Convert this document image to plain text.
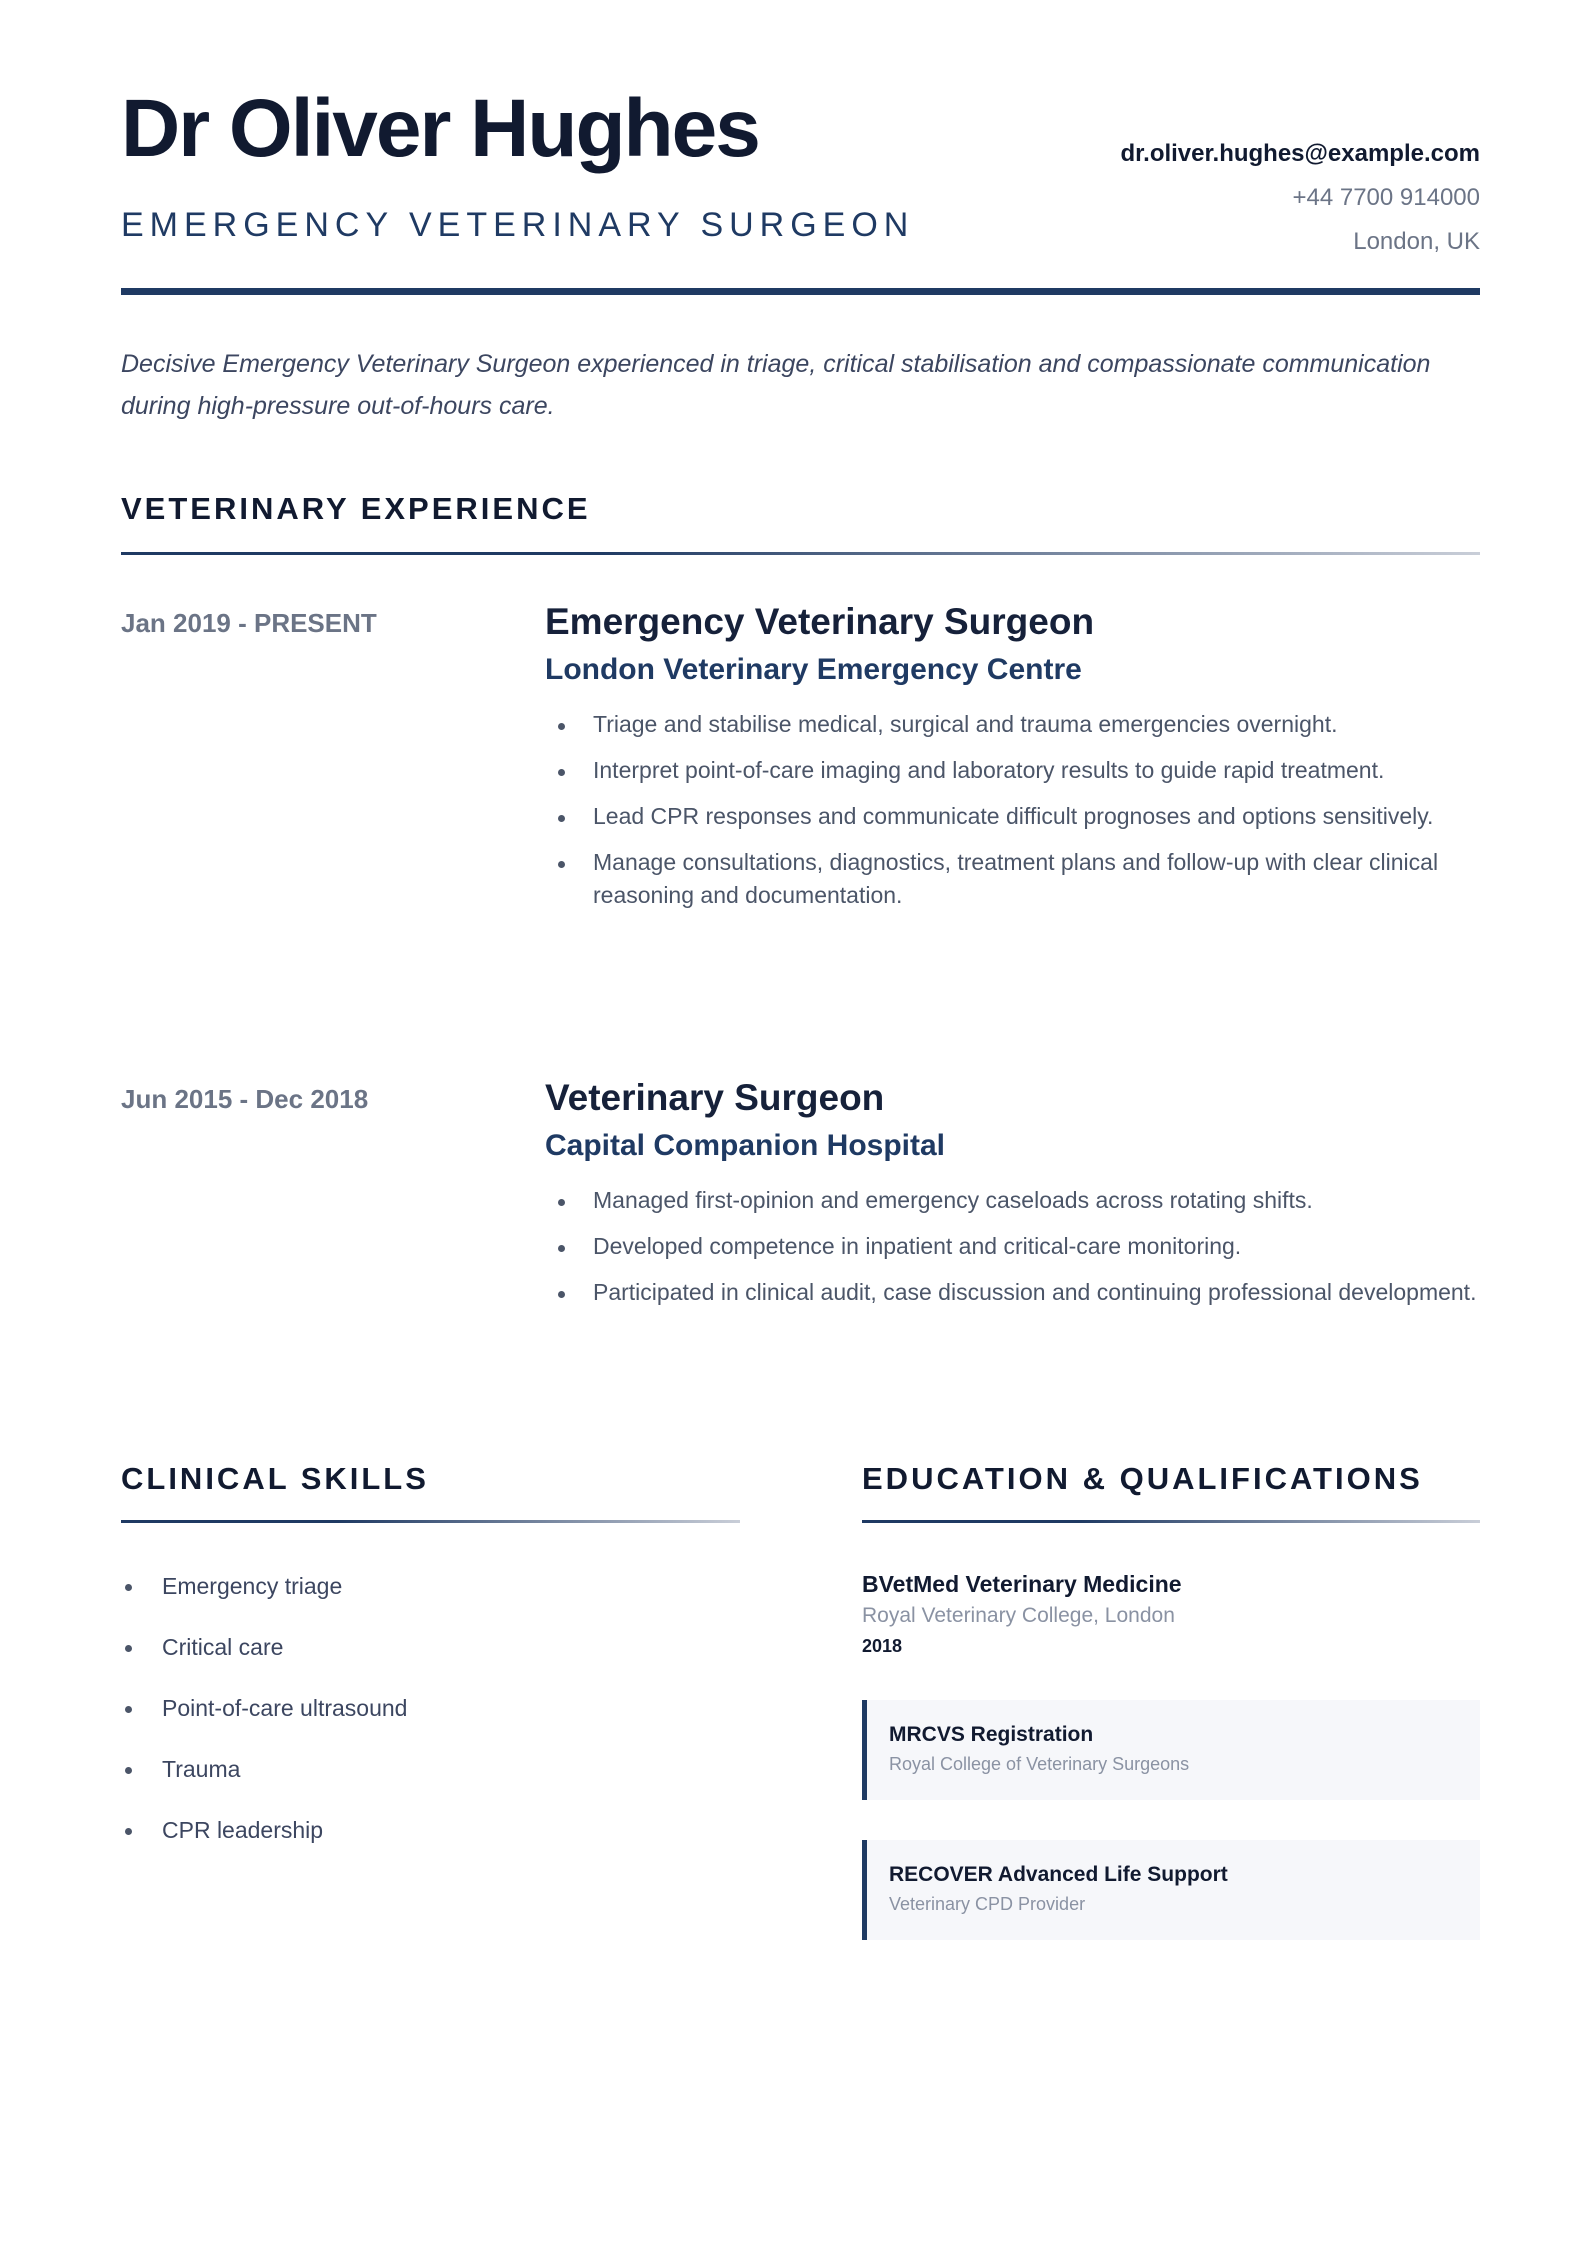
Dr Oliver Hughes
EMERGENCY VETERINARY SURGEON
dr.oliver.hughes@example.com
+44 7700 914000
London, UK

Decisive Emergency Veterinary Surgeon experienced in triage, critical stabilisation and compassionate communication during high-pressure out-of-hours care.

VETERINARY EXPERIENCE
Jan 2019 - PRESENT	Emergency Veterinary Surgeon
London Veterinary Emergency Centre
Triage and stabilise medical, surgical and trauma emergencies overnight.
Interpret point-of-care imaging and laboratory results to guide rapid treatment.
Lead CPR responses and communicate difficult prognoses and options sensitively.
Manage consultations, diagnostics, treatment plans and follow-up with clear clinical reasoning and documentation.
Jun 2015 - Dec 2018	Veterinary Surgeon
Capital Companion Hospital
Managed first-opinion and emergency caseloads across rotating shifts.
Developed competence in inpatient and critical-care monitoring.
Participated in clinical audit, case discussion and continuing professional development.
CLINICAL SKILLS
Emergency triage
Critical care
Point-of-care ultrasound
Trauma
CPR leadership
EDUCATION & QUALIFICATIONS
BVetMed Veterinary Medicine
Royal Veterinary College, London
2018
MRCVS Registration
Royal College of Veterinary Surgeons
RECOVER Advanced Life Support
Veterinary CPD Provider
